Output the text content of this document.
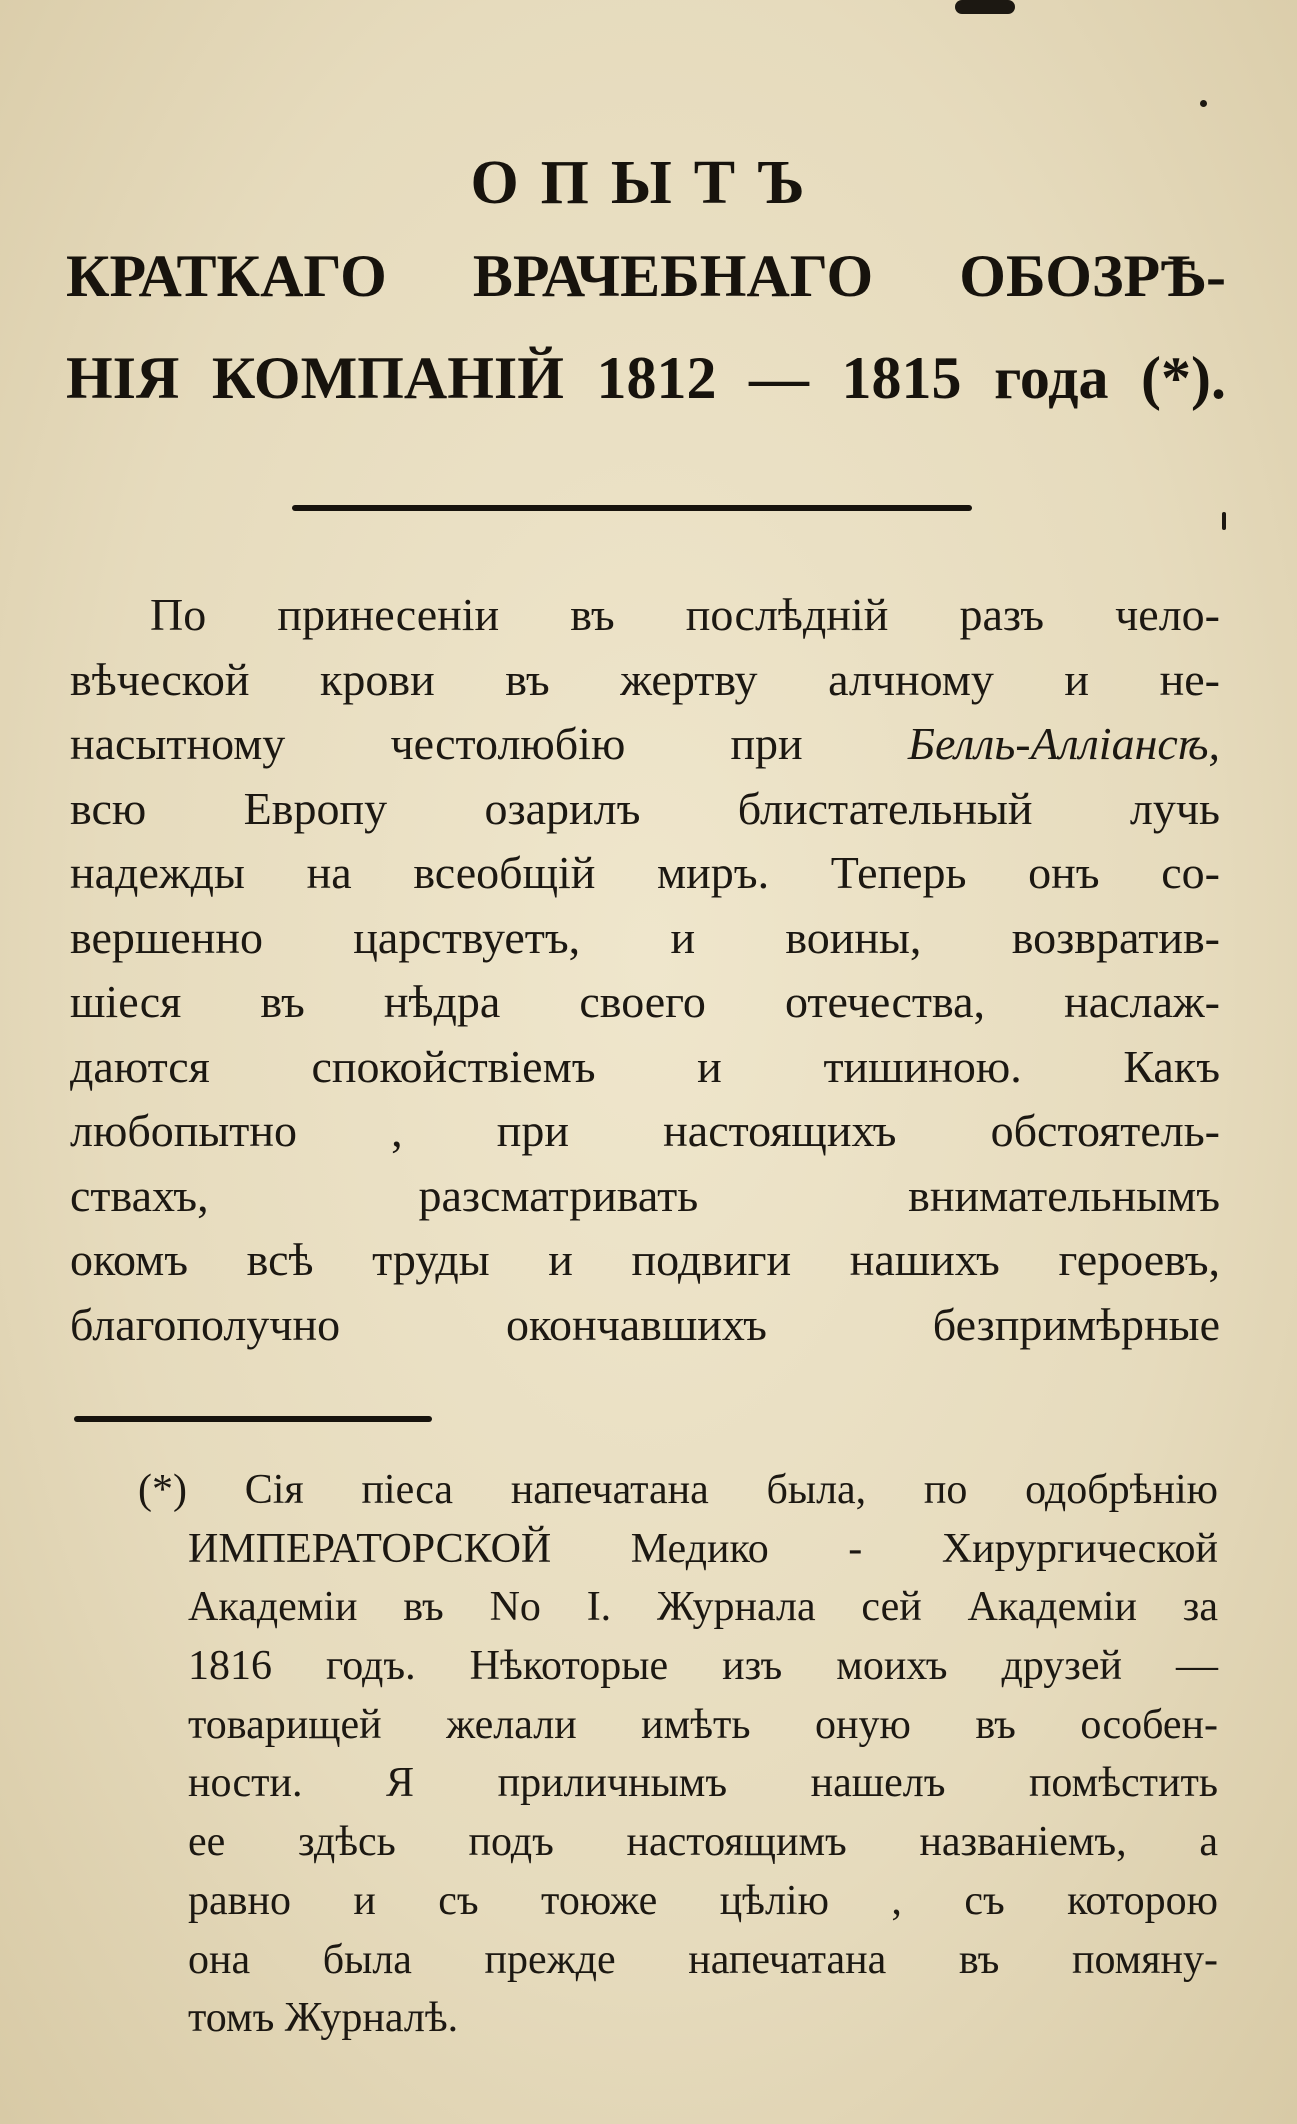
ОПЫТЪ
КРАТКАГО ВРАЧЕБНАГО ОБОЗРѢ-
НІЯ КОМПАНІЙ 1812 — 1815 года (*).
По принесеніи въ послѣдній разъ чело-
вѣческой крови въ жертву алчному и не-
насытному честолюбію при Белль-Аллiансѣ,
всю Европу озарилъ блистательный лучь
надежды на всеобщій миръ. Теперь онъ со-
вершенно царствуетъ, и воины, возвратив-
шіеся въ нѣдра своего отечества, наслаж-
даются спокойствіемъ и тишиною. Какъ
любопытно , при настоящихъ обстоятель-
ствахъ, разсматривать внимательнымъ
окомъ всѣ труды и подвиги нашихъ героевъ,
благополучно окончавшихъ безпримѣрные
(*) Сія піеса напечатана была, по одобрѣнію
ИМПЕРАТОРСКОЙ Медико - Хирургической
Академіи въ No I. Журнала сей Академіи за
1816 годъ. Нѣкоторые изъ моихъ друзей —
товарищей желали имѣть оную въ особен-
ности. Я приличнымъ нашелъ помѣстить
ее здѣсь подъ настоящимъ названіемъ, а
равно и съ тоюже цѣлію , съ которою
она была прежде напечатана въ помяну-
томъ Журналѣ.
